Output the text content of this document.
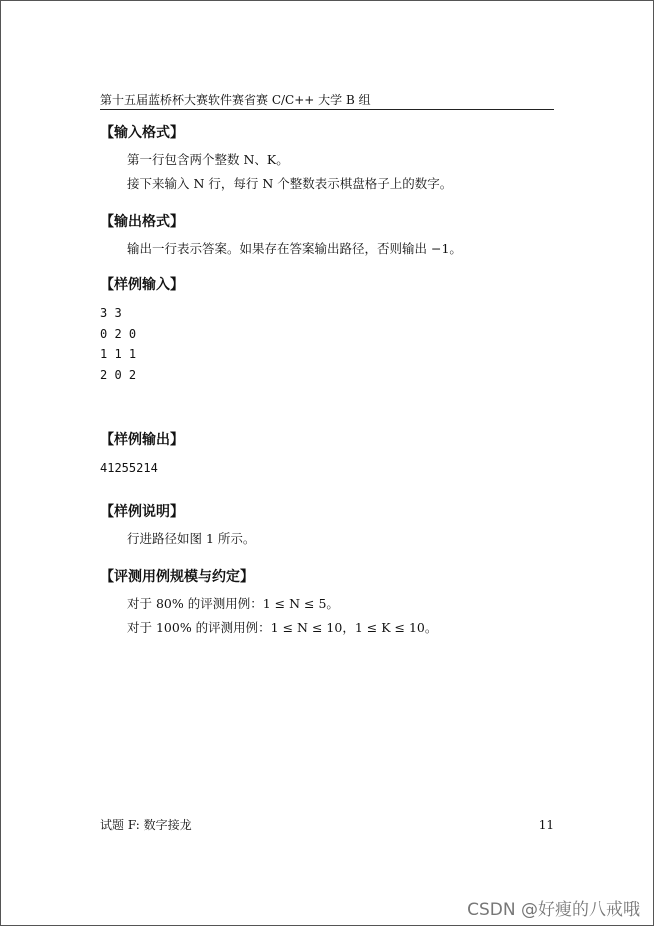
第十五届蓝桥杯大赛软件赛省赛 C/C++ 大学 B 组
【输入格式】
第一行包含两个整数 N、K。
接下来输入 N 行，每行 N 个整数表示棋盘格子上的数字。
【输出格式】
输出一行表示答案。如果存在答案输出路径，否则输出 −1。
【样例输入】
3 3
0 2 0
1 1 1
2 0 2
【样例输出】
41255214
【样例说明】
行进路径如图 1 所示。
【评测用例规模与约定】
对于 80% 的评测用例：1 ≤ N ≤ 5。
对于 100% 的评测用例：1 ≤ N ≤ 10，1 ≤ K ≤ 10。
试题 F: 数字接龙	11
CSDN @好瘦的八戒哦
